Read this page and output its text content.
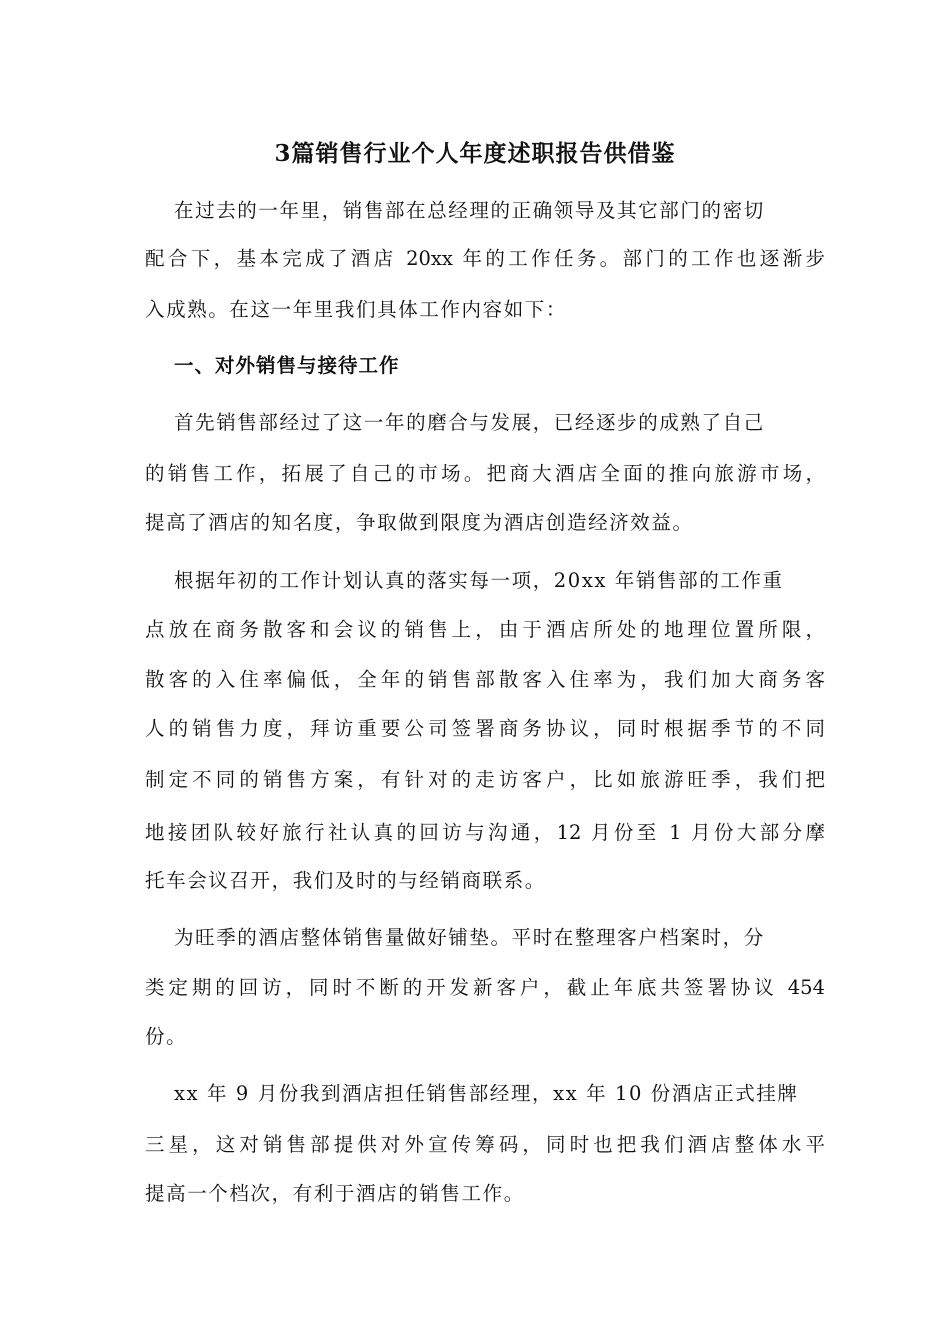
3篇销售行业个人年度述职报告供借鉴

在过去的一年里，销售部在总经理的正确领导及其它部门的密切

配合下，基本完成了酒店 20xx 年的工作任务。部门的工作也逐渐步

入成熟。在这一年里我们具体工作内容如下：

一、对外销售与接待工作

首先销售部经过了这一年的磨合与发展，已经逐步的成熟了自己

的销售工作，拓展了自己的市场。把商大酒店全面的推向旅游市场，

提高了酒店的知名度，争取做到限度为酒店创造经济效益。

根据年初的工作计划认真的落实每一项，20xx 年销售部的工作重

点放在商务散客和会议的销售上，由于酒店所处的地理位置所限，

散客的入住率偏低，全年的销售部散客入住率为，我们加大商务客

人的销售力度，拜访重要公司签署商务协议，同时根据季节的不同

制定不同的销售方案，有针对的走访客户，比如旅游旺季，我们把

地接团队较好旅行社认真的回访与沟通，12 月份至 1 月份大部分摩

托车会议召开，我们及时的与经销商联系。

为旺季的酒店整体销售量做好铺垫。平时在整理客户档案时，分

类定期的回访，同时不断的开发新客户，截止年底共签署协议 454

份。

xx 年 9 月份我到酒店担任销售部经理，xx 年 10 份酒店正式挂牌

三星，这对销售部提供对外宣传筹码，同时也把我们酒店整体水平

提高一个档次，有利于酒店的销售工作。
